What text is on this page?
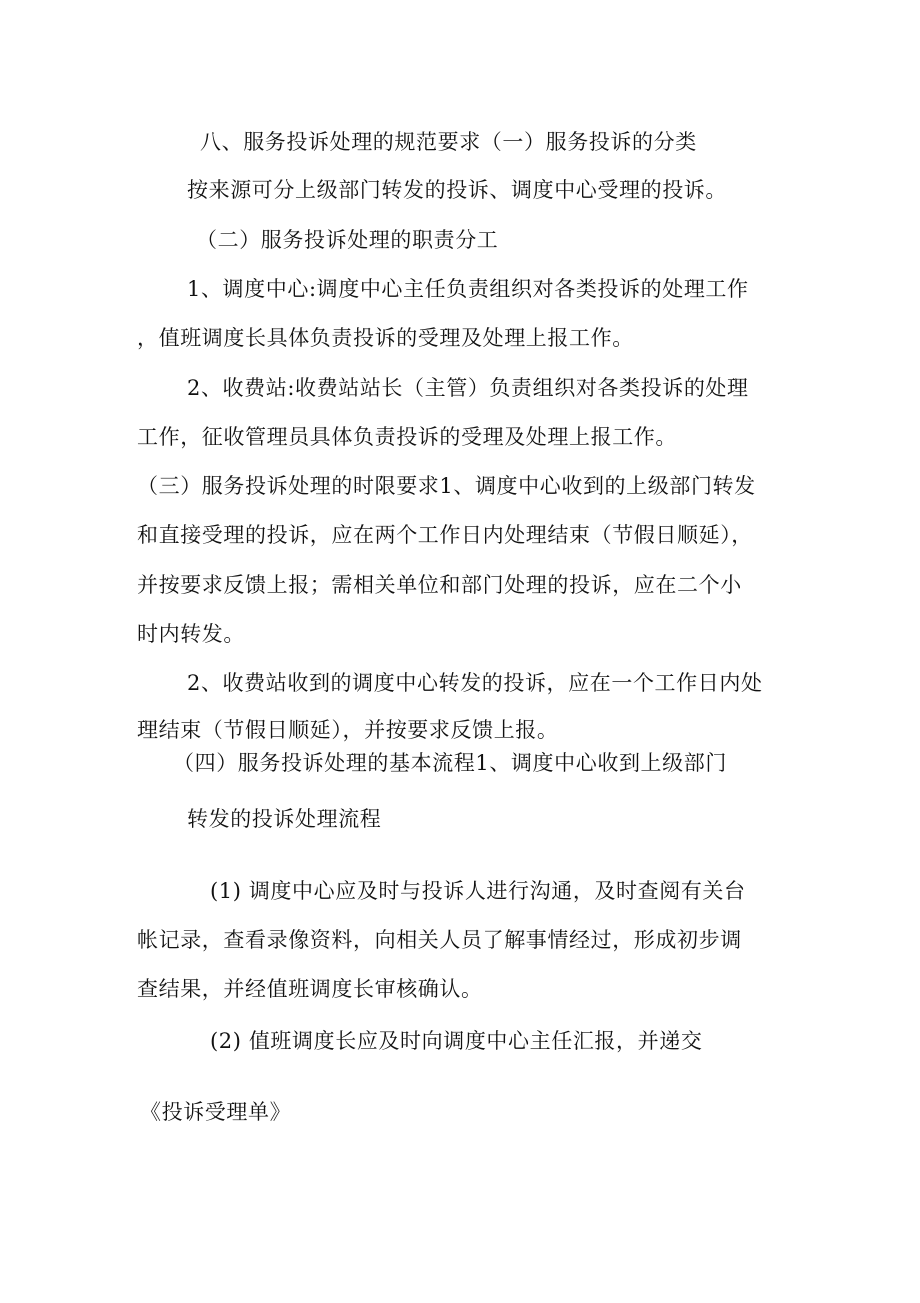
八、服务投诉处理的规范要求（一）服务投诉的分类
按来源可分上级部门转发的投诉、调度中心受理的投诉。
（二）服务投诉处理的职责分工
1、调度中心:调度中心主任负责组织对各类投诉的处理工作
，值班调度长具体负责投诉的受理及处理上报工作。
2、收费站:收费站站长（主管）负责组织对各类投诉的处理
工作，征收管理员具体负责投诉的受理及处理上报工作。
（三）服务投诉处理的时限要求1、调度中心收到的上级部门转发
和直接受理的投诉，应在两个工作日内处理结束（节假日顺延），
并按要求反馈上报；需相关单位和部门处理的投诉，应在二个小
时内转发。
2、收费站收到的调度中心转发的投诉，应在一个工作日内处
理结束（节假日顺延），并按要求反馈上报。
（四）服务投诉处理的基本流程1、调度中心收到上级部门
转发的投诉处理流程
(1) 调度中心应及时与投诉人进行沟通，及时查阅有关台
帐记录，查看录像资料，向相关人员了解事情经过，形成初步调
查结果，并经值班调度长审核确认。
(2) 值班调度长应及时向调度中心主任汇报，并递交
《投诉受理单》
